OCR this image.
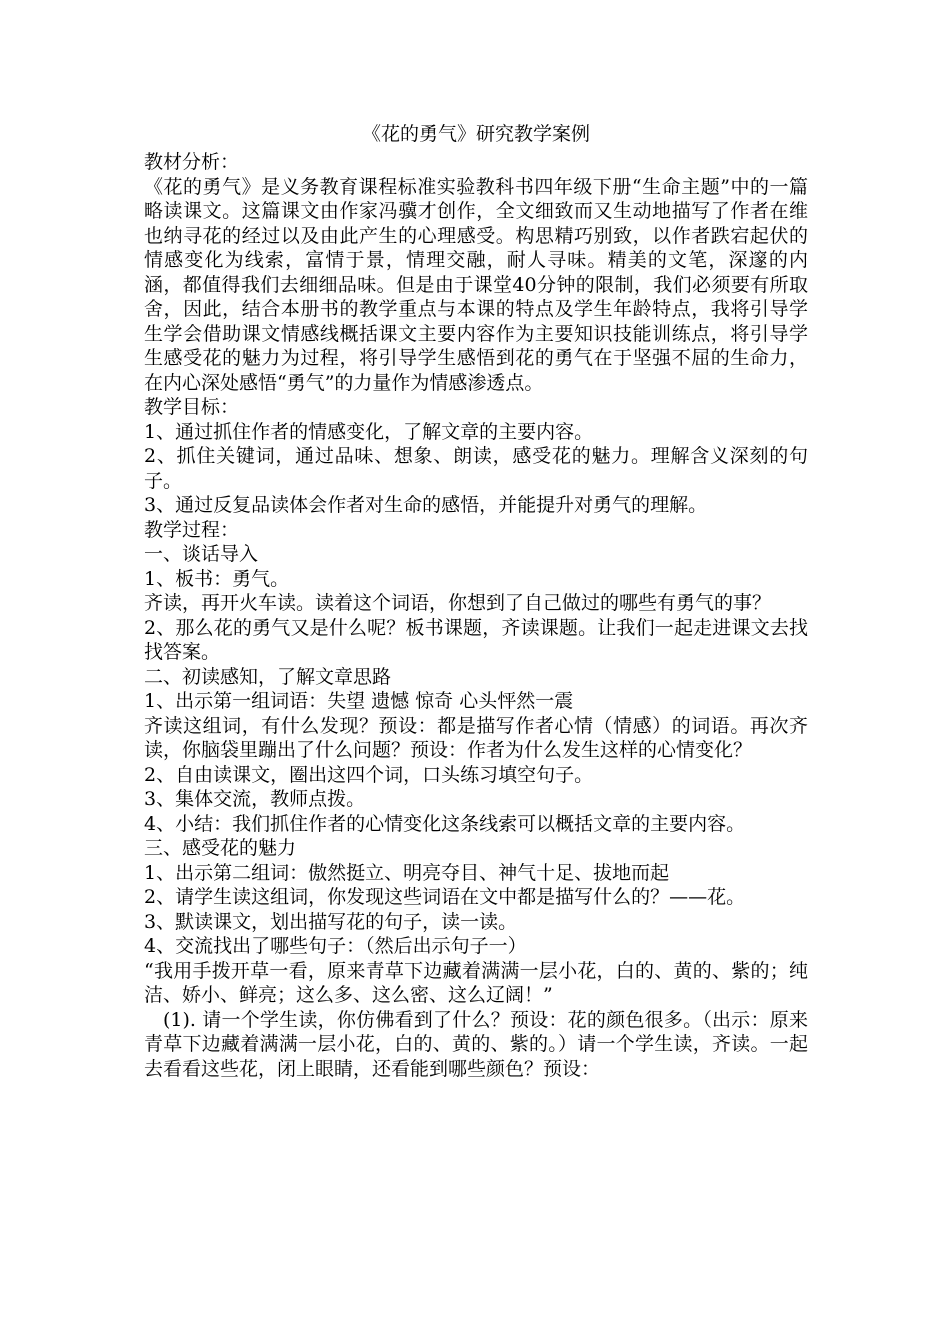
《花的勇气》研究教学案例

教材分析：

《花的勇气》是义务教育课程标准实验教科书四年级下册“生命主题”中的一篇略读课文。这篇课文由作家冯骥才创作，全文细致而又生动地描写了作者在维也纳寻花的经过以及由此产生的心理感受。构思精巧别致，以作者跌宕起伏的情感变化为线索，富情于景，情理交融，耐人寻味。精美的文笔，深邃的内涵，都值得我们去细细品味。但是由于课堂40分钟的限制，我们必须要有所取舍，因此，结合本册书的教学重点与本课的特点及学生年龄特点，我将引导学生学会借助课文情感线概括课文主要内容作为主要知识技能训练点，将引导学生感受花的魅力为过程，将引导学生感悟到花的勇气在于坚强不屈的生命力，在内心深处感悟“勇气”的力量作为情感渗透点。

教学目标：

1、通过抓住作者的情感变化，了解文章的主要内容。

2、抓住关键词，通过品味、想象、朗读，感受花的魅力。理解含义深刻的句子。

3、通过反复品读体会作者对生命的感悟，并能提升对勇气的理解。

教学过程：

一、谈话导入

1、板书：勇气。

齐读，再开火车读。读着这个词语，你想到了自己做过的哪些有勇气的事？

2、那么花的勇气又是什么呢？板书课题，齐读课题。让我们一起走进课文去找找答案。

二、初读感知，了解文章思路

1、出示第一组词语：失望 遗憾 惊奇 心头怦然一震

齐读这组词，有什么发现？预设：都是描写作者心情（情感）的词语。再次齐读，你脑袋里蹦出了什么问题？预设：作者为什么发生这样的心情变化？

2、自由读课文，圈出这四个词，口头练习填空句子。

3、集体交流，教师点拨。

4、小结：我们抓住作者的心情变化这条线索可以概括文章的主要内容。

三、感受花的魅力

1、出示第二组词：傲然挺立、明亮夺目、神气十足、拔地而起

2、请学生读这组词，你发现这些词语在文中都是描写什么的？——花。

3、默读课文，划出描写花的句子，读一读。

4、交流找出了哪些句子：（然后出示句子一）

“我用手拨开草一看，原来青草下边藏着满满一层小花，白的、黄的、紫的；纯洁、娇小、鲜亮；这么多、这么密、这么辽阔！”

(1). 请一个学生读，你仿佛看到了什么？预设：花的颜色很多。（出示：原来青草下边藏着满满一层小花，白的、黄的、紫的。）请一个学生读，齐读。一起去看看这些花，闭上眼睛，还看能到哪些颜色？预设：
